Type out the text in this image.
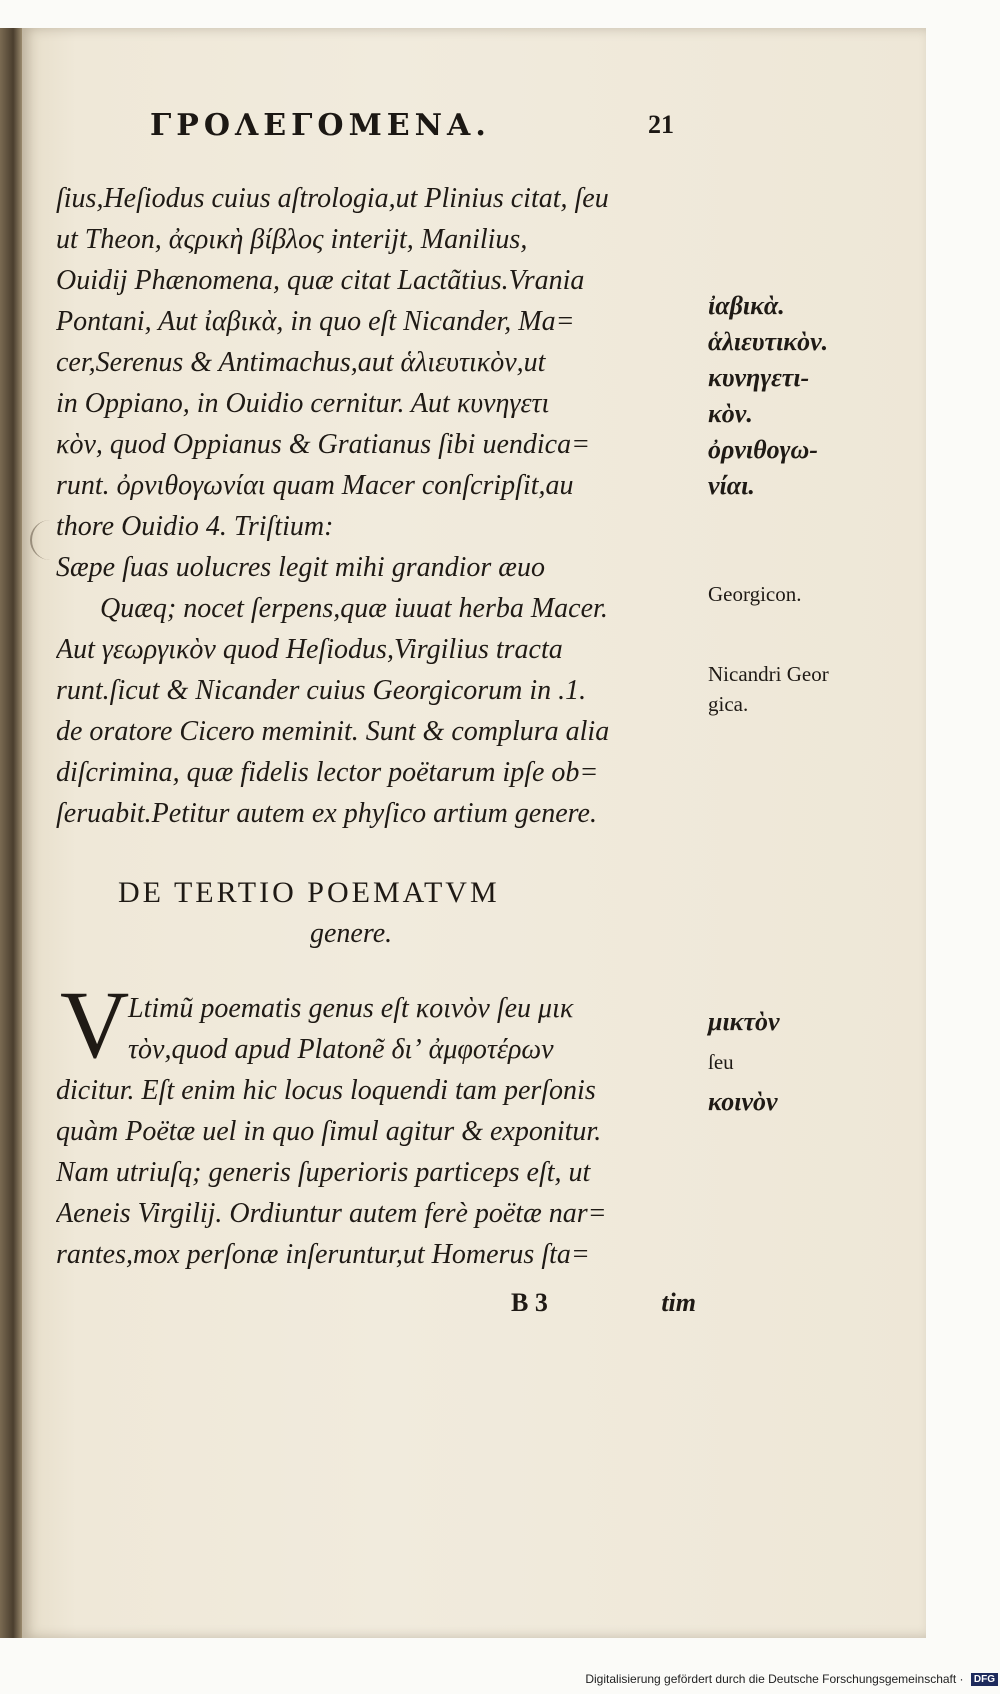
ΓΡΟΛΕΓΟΜΕΝΑ.	21
ſius,Heſiodus cuius aſtrologia,ut Plinius citat, ſeu
ut Theon, ἀςρικὴ βίβλος interijt, Manilius,
Ouidij Phænomena, quæ citat Lactãtius.Vrania
Pontani, Aut ἰαβικὰ, in quo eſt Nicander, Ma=
cer,Serenus & Antimachus,aut ἁλιευτικὸν,ut
in Oppiano, in Ouidio cernitur. Aut κυνηγετι
κὸν, quod Oppianus & Gratianus ſibi uendica=
runt. ὀρνιθογωνίαι quam Macer conſcripſit,au
thore Ouidio 4. Triſtium:
Sæpe ſuas uolucres legit mihi grandior æuo
Quæq; nocet ſerpens,quæ iuuat herba Macer.
Aut γεωργικὸν quod Heſiodus,Virgilius tracta
runt.ſicut & Nicander cuius Georgicorum in .1.
de oratore Cicero meminit. Sunt & complura alia
diſcrimina, quæ fidelis lector poëtarum ipſe ob=
ſeruabit.Petitur autem ex phyſico artium genere.
ἰαβικὰ.
ἁλιευτικὸν.
κυνηγετι-
κὸν.
ὀρνιθογω-
νίαι.
Georgicon.
Nicandri Geor
gica.
DE TERTIO POEMATVM
genere.
V
Ltimũ poematis genus eſt κοινὸν ſeu μικ
τὸν,quod apud Platonẽ διʼ ἀμφοτέρων
dicitur. Eſt enim hic locus loquendi tam perſonis
quàm Poëtæ uel in quo ſimul agitur & exponitur.
Nam utriuſq; generis ſuperioris particeps eſt, ut
Aeneis Virgilij. Ordiuntur autem ferè poëtæ nar=
rantes,mox perſonæ inſeruntur,ut Homerus ſta=
μικτὸν
ſeu
κοινὸν
B 3	tim
Digitalisierung gefördert durch die Deutsche Forschungsgemeinschaft · DFG
